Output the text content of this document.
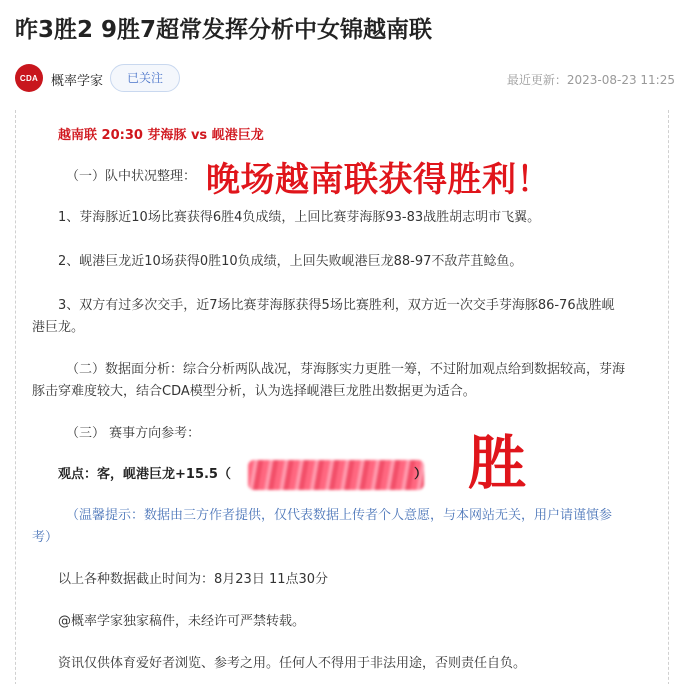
昨3胜2 9胜7超常发挥分析中女锦越南联
CDA 概率学家	已关注	最近更新：2023-08-23 11:25
越南联 20:30 芽海豚 vs 岘港巨龙
（一）队中状况整理： 晚场越南联获得胜利！
1、芽海豚近10场比赛获得6胜4负成绩，上回比赛芽海豚93-83战胜胡志明市飞翼。
2、岘港巨龙近10场获得0胜10负成绩，上回失败岘港巨龙88-97不敌芹苴鲶鱼。
3、双方有过多次交手，近7场比赛芽海豚获得5场比赛胜利，双方近一次交手芽海豚86-76战胜岘
港巨龙。
（二）数据面分析：综合分析两队战况，芽海豚实力更胜一筹，不过附加观点给到数据较高，芽海
豚击穿难度较大，结合CDA模型分析，认为选择岘港巨龙胜出数据更为适合。
（三） 赛事方向参考：
观点：客，岘港巨龙+15.5（	） 胜
（温馨提示：数据由三方作者提供，仅代表数据上传者个人意愿，与本网站无关，用户请谨慎参
考）
以上各种数据截止时间为：8月23日 11点30分
@概率学家独家稿件，未经许可严禁转载。
资讯仅供体育爱好者浏览、参考之用。任何人不得用于非法用途，否则责任自负。
